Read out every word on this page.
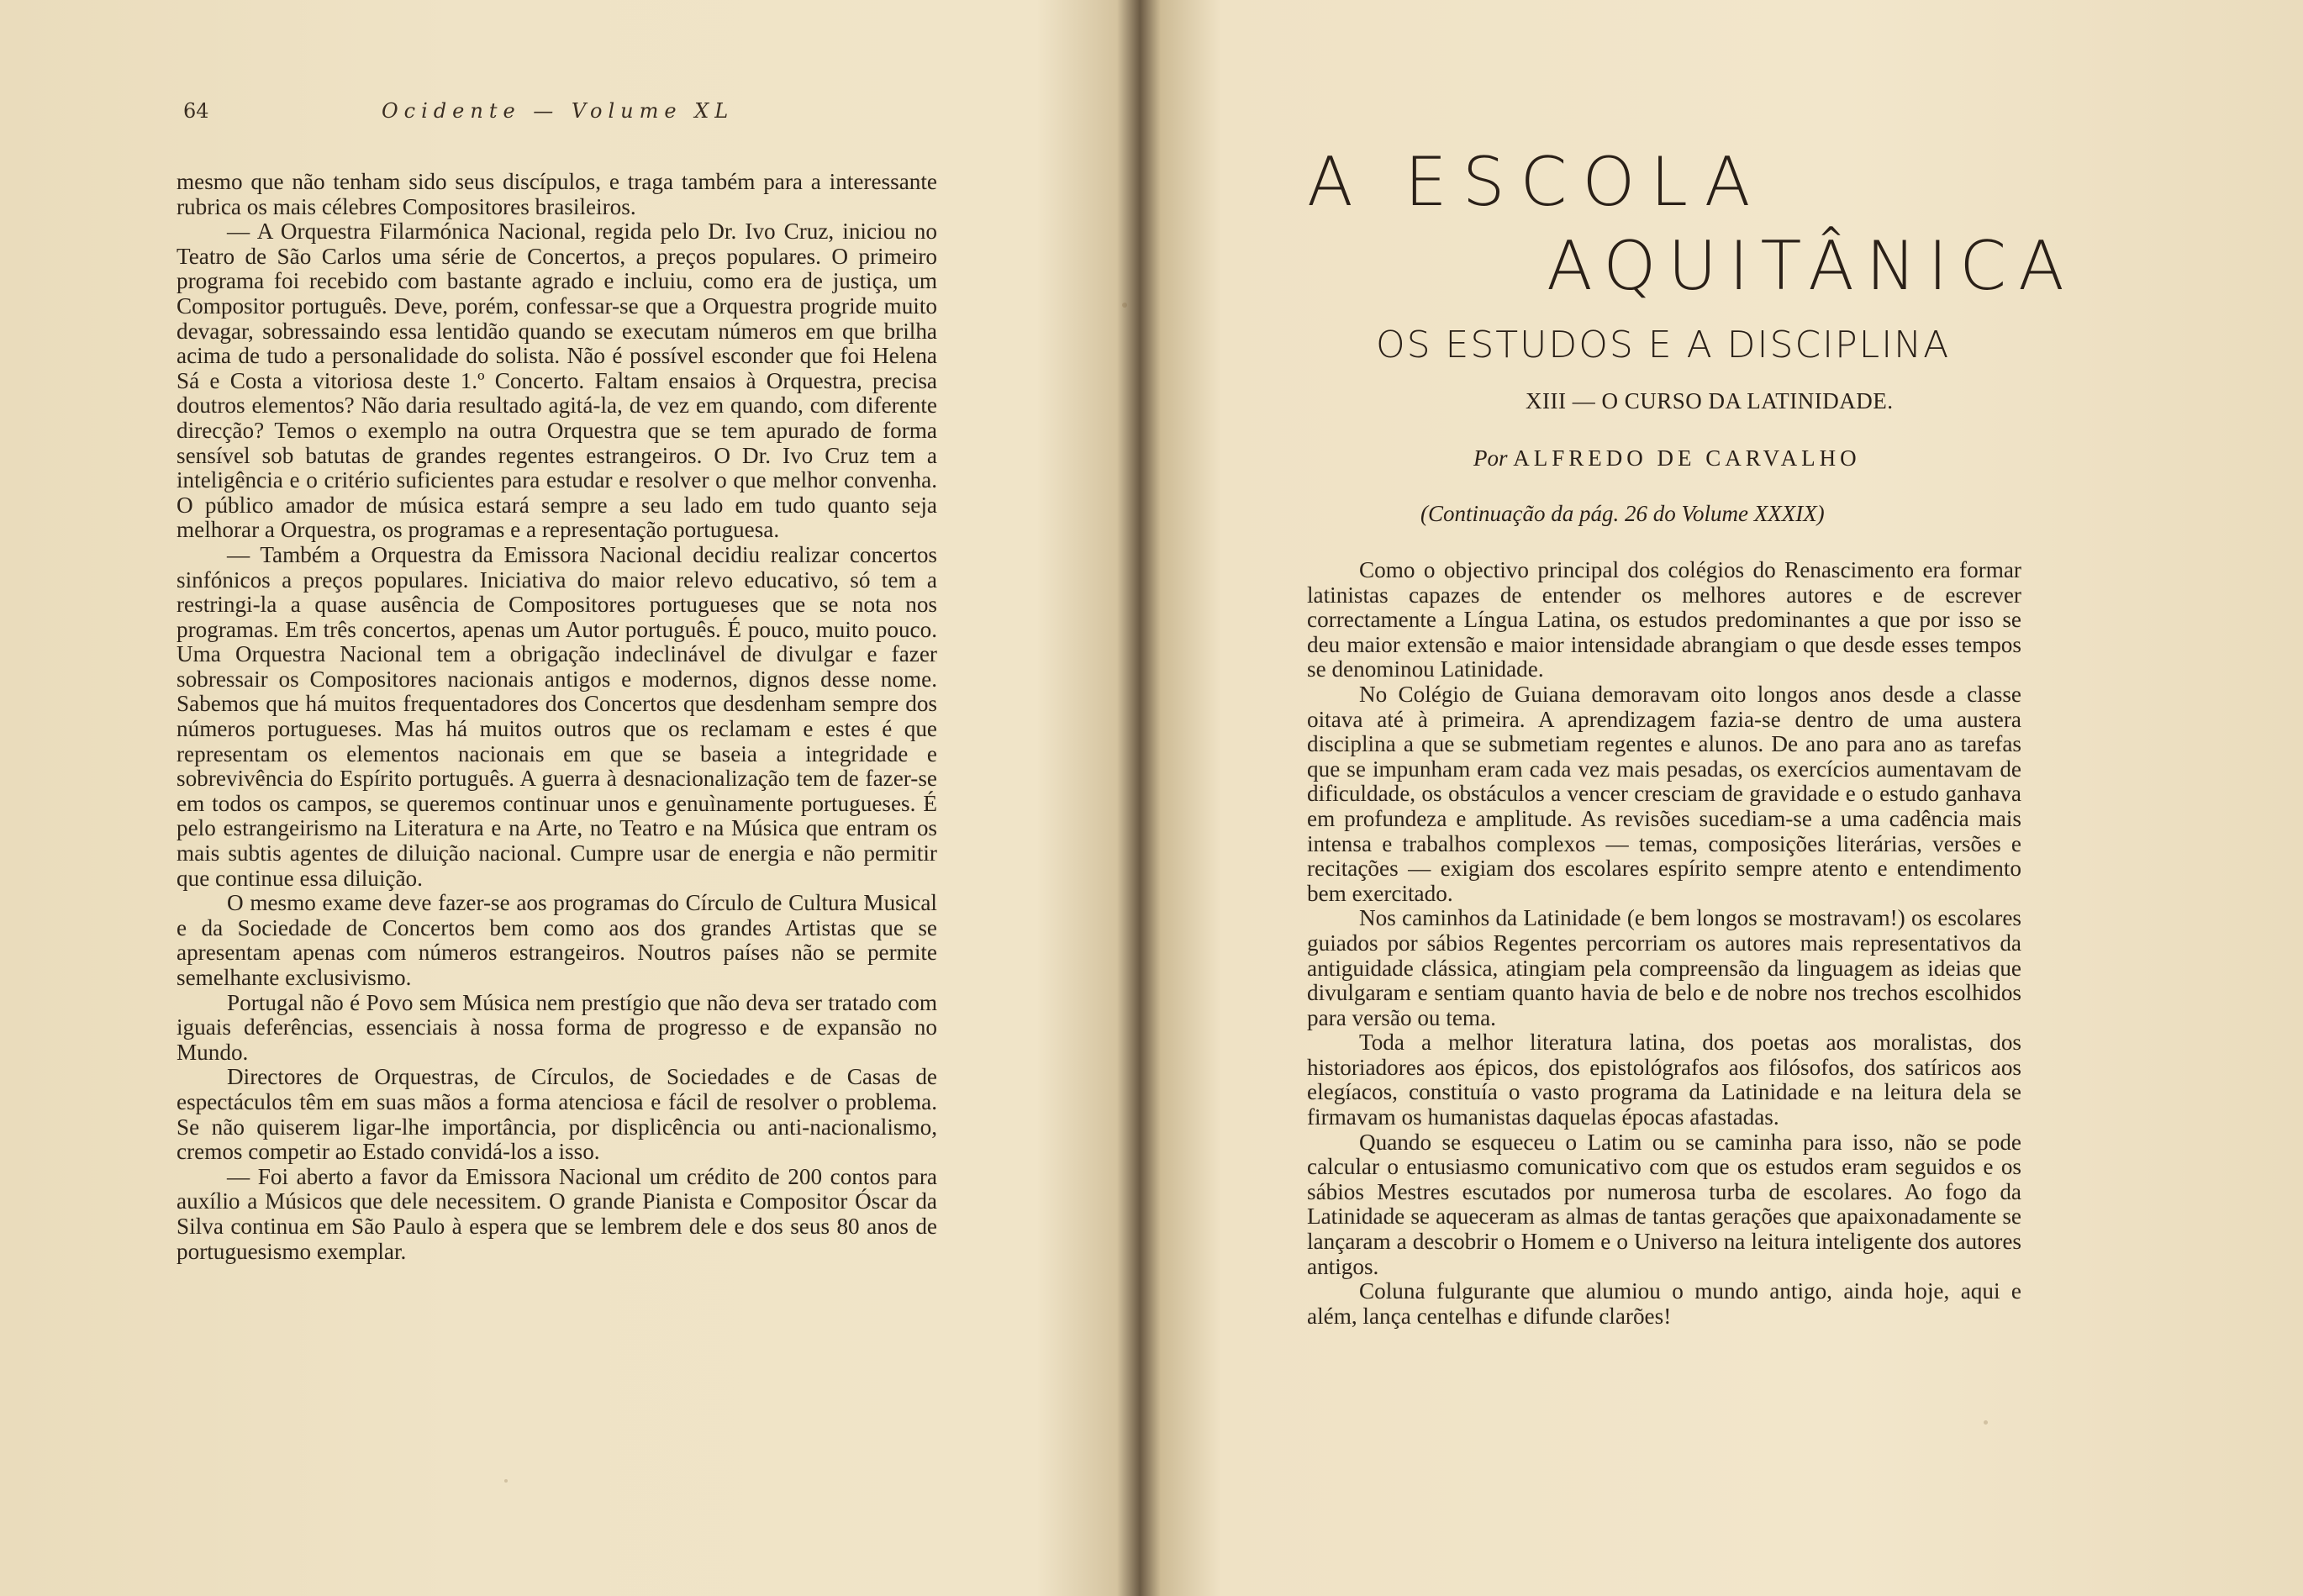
64	Ocidente — Volume XL

mesmo que não tenham sido seus discípulos, e traga também para a interessante rubrica os mais célebres Compositores brasileiros.

— A Orquestra Filarmónica Nacional, regida pelo Dr. Ivo Cruz, iniciou no Teatro de São Carlos uma série de Concertos, a preços populares. O primeiro programa foi recebido com bastante agrado e incluiu, como era de justiça, um Compositor português. Deve, porém, confessar-se que a Orquestra progride muito devagar, sobressaindo essa lentidão quando se executam números em que brilha acima de tudo a personalidade do solista. Não é possível esconder que foi Helena Sá e Costa a vitoriosa deste 1.º Concerto. Faltam ensaios à Orquestra, precisa doutros elementos? Não daria resultado agitá-la, de vez em quando, com diferente direcção? Temos o exemplo na outra Orquestra que se tem apurado de forma sensível sob batutas de grandes regentes estrangeiros. O Dr. Ivo Cruz tem a inteligência e o critério suficientes para estudar e resolver o que melhor convenha. O público amador de música estará sempre a seu lado em tudo quanto seja melhorar a Orquestra, os programas e a representação portuguesa.

— Também a Orquestra da Emissora Nacional decidiu realizar concertos sinfónicos a preços populares. Iniciativa do maior relevo educativo, só tem a restringi-la a quase ausência de Compositores portugueses que se nota nos programas. Em três concertos, apenas um Autor português. É pouco, muito pouco. Uma Orquestra Nacional tem a obrigação indeclinável de divulgar e fazer sobressair os Compositores nacionais antigos e modernos, dignos desse nome. Sabemos que há muitos frequentadores dos Concertos que desdenham sempre dos números portugueses. Mas há muitos outros que os reclamam e estes é que representam os elementos nacionais em que se baseia a integridade e sobrevivência do Espírito português. A guerra à desnacionalização tem de fazer-se em todos os campos, se queremos continuar unos e genuìnamente portugueses. É pelo estrangeirismo na Literatura e na Arte, no Teatro e na Música que entram os mais subtis agentes de diluição nacional. Cumpre usar de energia e não permitir que continue essa diluição.

O mesmo exame deve fazer-se aos programas do Círculo de Cultura Musical e da Sociedade de Concertos bem como aos dos grandes Artistas que se apresentam apenas com números estrangeiros. Noutros países não se permite semelhante exclusivismo.

Portugal não é Povo sem Música nem prestígio que não deva ser tratado com iguais deferências, essenciais à nossa forma de progresso e de expansão no Mundo.

Directores de Orquestras, de Círculos, de Sociedades e de Casas de espectáculos têm em suas mãos a forma atenciosa e fácil de resolver o problema. Se não quiserem ligar-lhe importância, por displicência ou anti-nacionalismo, cremos competir ao Estado convidá-los a isso.

— Foi aberto a favor da Emissora Nacional um crédito de 200 contos para auxílio a Músicos que dele necessitem. O grande Pianista e Compositor Óscar da Silva continua em São Paulo à espera que se lembrem dele e dos seus 80 anos de portuguesismo exemplar.

A ESCOLA
AQUITÂNICA
OS ESTUDOS E A DISCIPLINA
XIII — O CURSO DA LATINIDADE.
Por ALFREDO DE CARVALHO
(Continuação da pág. 26 do Volume XXXIX)

Como o objectivo principal dos colégios do Renascimento era formar latinistas capazes de entender os melhores autores e de escrever correctamente a Língua Latina, os estudos predominantes a que por isso se deu maior extensão e maior intensidade abrangiam o que desde esses tempos se denominou Latinidade.

No Colégio de Guiana demoravam oito longos anos desde a classe oitava até à primeira. A aprendizagem fazia-se dentro de uma austera disciplina a que se submetiam regentes e alunos. De ano para ano as tarefas que se impunham eram cada vez mais pesadas, os exercícios aumentavam de dificuldade, os obstáculos a vencer cresciam de gravidade e o estudo ganhava em profundeza e amplitude. As revisões sucediam-se a uma cadência mais intensa e trabalhos complexos — temas, composições literárias, versões e recitações — exigiam dos escolares espírito sempre atento e entendimento bem exercitado.

Nos caminhos da Latinidade (e bem longos se mostravam!) os escolares guiados por sábios Regentes percorriam os autores mais representativos da antiguidade clássica, atingiam pela compreensão da linguagem as ideias que divulgaram e sentiam quanto havia de belo e de nobre nos trechos escolhidos para versão ou tema.

Toda a melhor literatura latina, dos poetas aos moralistas, dos historiadores aos épicos, dos epistológrafos aos filósofos, dos satíricos aos elegíacos, constituía o vasto programa da Latinidade e na leitura dela se firmavam os humanistas daquelas épocas afastadas.

Quando se esqueceu o Latim ou se caminha para isso, não se pode calcular o entusiasmo comunicativo com que os estudos eram seguidos e os sábios Mestres escutados por numerosa turba de escolares. Ao fogo da Latinidade se aqueceram as almas de tantas gerações que apaixonadamente se lançaram a descobrir o Homem e o Universo na leitura inteligente dos autores antigos.

Coluna fulgurante que alumiou o mundo antigo, ainda hoje, aqui e além, lança centelhas e difunde clarões!
